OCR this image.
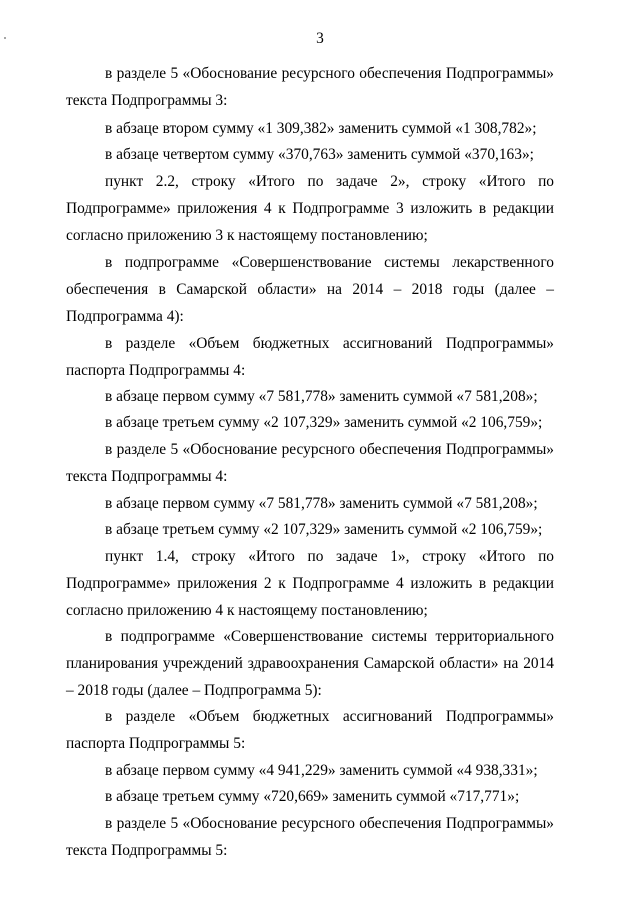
3

в разделе 5 «Обоснование ресурсного обеспечения Подпрограммы» текста Подпрограммы 3:

в абзаце втором сумму «1 309,382» заменить суммой «1 308,782»;

в абзаце четвертом сумму «370,763» заменить суммой «370,163»;

пункт 2.2, строку «Итого по задаче 2», строку «Итого по Подпрограмме» приложения 4 к Подпрограмме 3 изложить в редакции согласно приложению 3 к настоящему постановлению;

в подпрограмме «Совершенствование системы лекарственного обеспечения в Самарской области» на 2014 – 2018 годы (далее – Подпрограмма 4):

в разделе «Объем бюджетных ассигнований Подпрограммы» паспорта Подпрограммы 4:

в абзаце первом сумму «7 581,778» заменить суммой «7 581,208»;

в абзаце третьем сумму «2 107,329» заменить суммой «2 106,759»;

в разделе 5 «Обоснование ресурсного обеспечения Подпрограммы» текста Подпрограммы 4:

в абзаце первом сумму «7 581,778» заменить суммой «7 581,208»;

в абзаце третьем сумму «2 107,329» заменить суммой «2 106,759»;

пункт 1.4, строку «Итого по задаче 1», строку «Итого по Подпрограмме» приложения 2 к Подпрограмме 4 изложить в редакции согласно приложению 4 к настоящему постановлению;

в подпрограмме «Совершенствование системы территориального планирования учреждений здравоохранения Самарской области» на 2014 – 2018 годы (далее – Подпрограмма 5):

в разделе «Объем бюджетных ассигнований Подпрограммы» паспорта Подпрограммы 5:

в абзаце первом сумму «4 941,229» заменить суммой «4 938,331»;

в абзаце третьем сумму «720,669» заменить суммой «717,771»;

в разделе 5 «Обоснование ресурсного обеспечения Подпрограммы» текста Подпрограммы 5:
